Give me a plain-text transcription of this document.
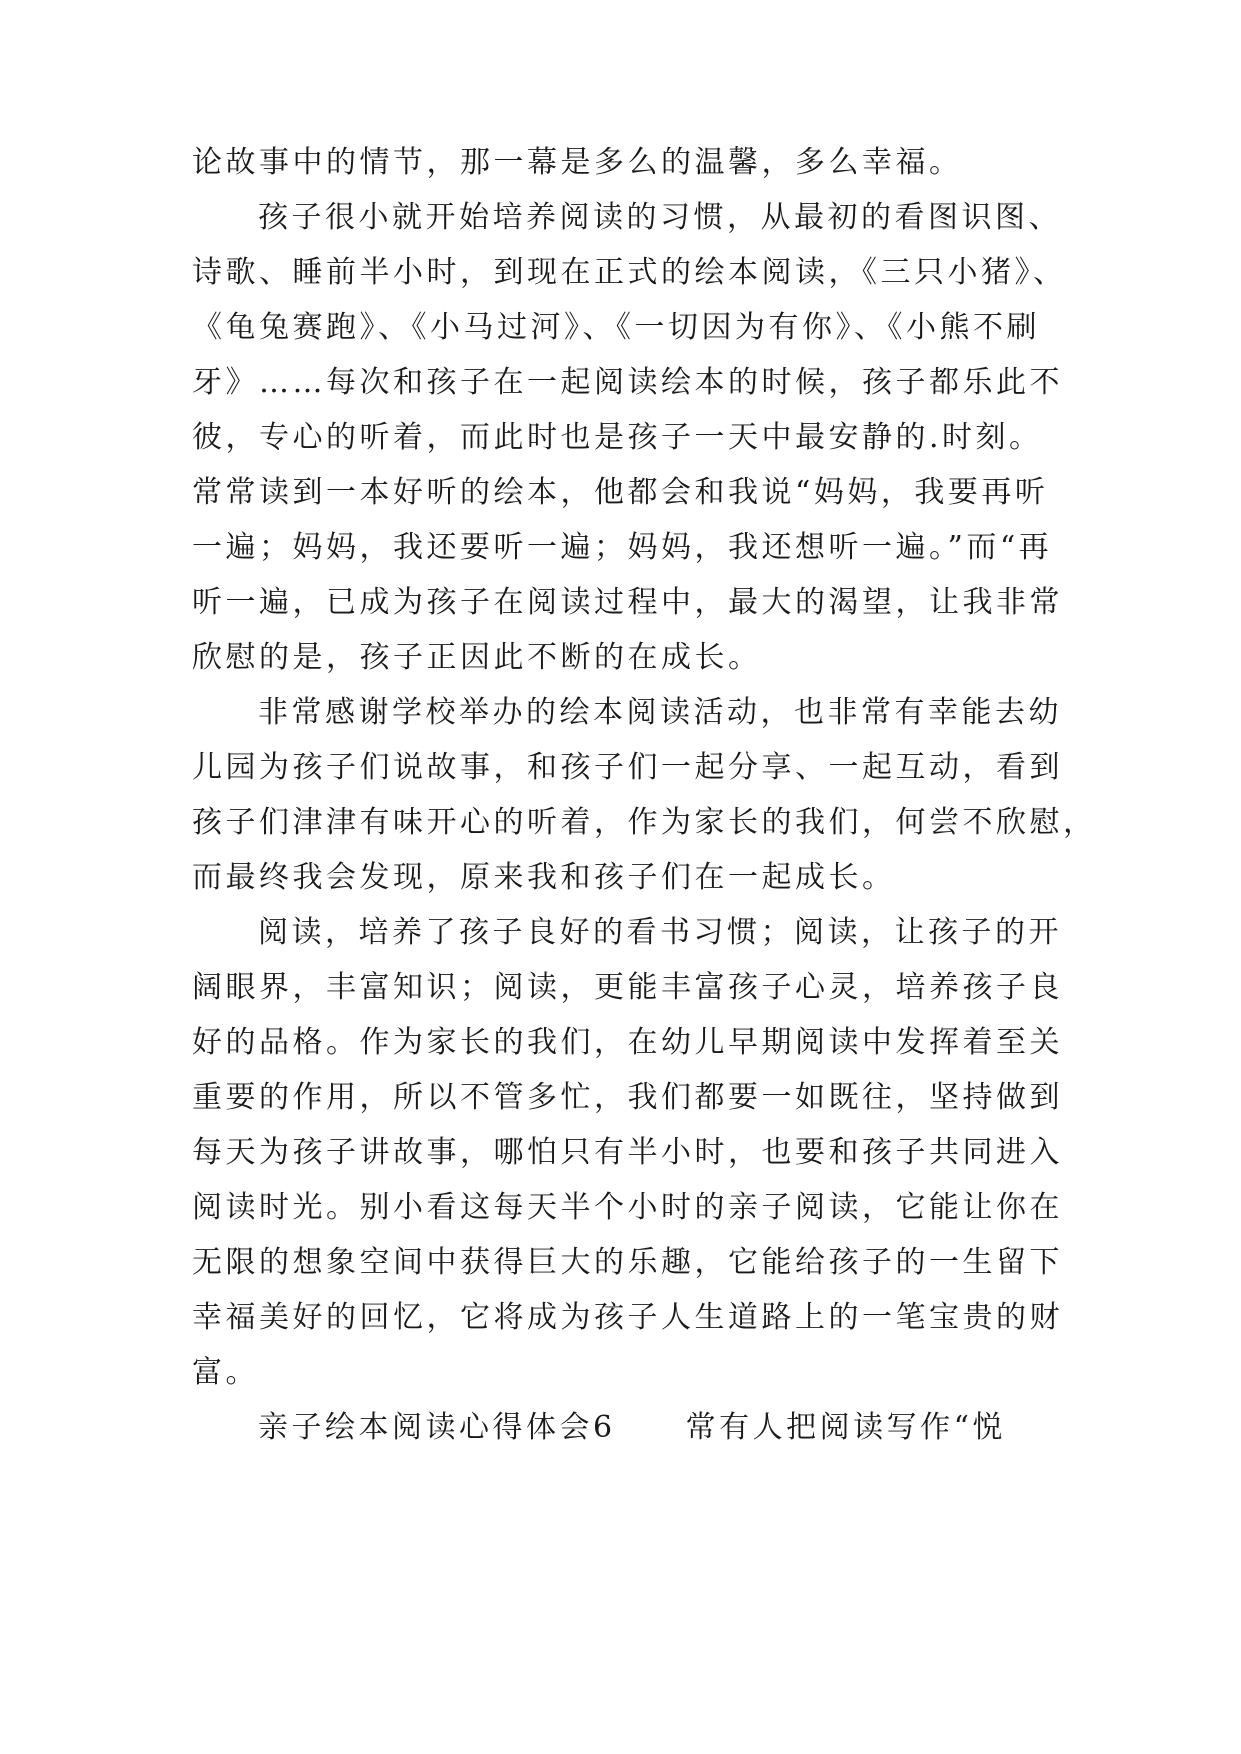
论故事中的情节，那一幕是多么的温馨，多么幸福。
孩子很小就开始培养阅读的习惯，从最初的看图识图、
诗歌、睡前半小时，到现在正式的绘本阅读，《三只小猪》、
《龟兔赛跑》、《小马过河》、《一切因为有你》、《小熊不刷
牙》……每次和孩子在一起阅读绘本的时候，孩子都乐此不
彼，专心的听着，而此时也是孩子一天中最安静的.时刻。
常常读到一本好听的绘本，他都会和我说“妈妈，我要再听
一遍；妈妈，我还要听一遍；妈妈，我还想听一遍。”而“再
听一遍，已成为孩子在阅读过程中，最大的渴望，让我非常
欣慰的是，孩子正因此不断的在成长。
非常感谢学校举办的绘本阅读活动，也非常有幸能去幼
儿园为孩子们说故事，和孩子们一起分享、一起互动，看到
孩子们津津有味开心的听着，作为家长的我们，何尝不欣慰，
而最终我会发现，原来我和孩子们在一起成长。
阅读，培养了孩子良好的看书习惯；阅读，让孩子的开
阔眼界，丰富知识；阅读，更能丰富孩子心灵，培养孩子良
好的品格。作为家长的我们，在幼儿早期阅读中发挥着至关
重要的作用，所以不管多忙，我们都要一如既往，坚持做到
每天为孩子讲故事，哪怕只有半小时，也要和孩子共同进入
阅读时光。别小看这每天半个小时的亲子阅读，它能让你在
无限的想象空间中获得巨大的乐趣，它能给孩子的一生留下
幸福美好的回忆，它将成为孩子人生道路上的一笔宝贵的财
富。
亲子绘本阅读心得体会6 常有人把阅读写作“悦
